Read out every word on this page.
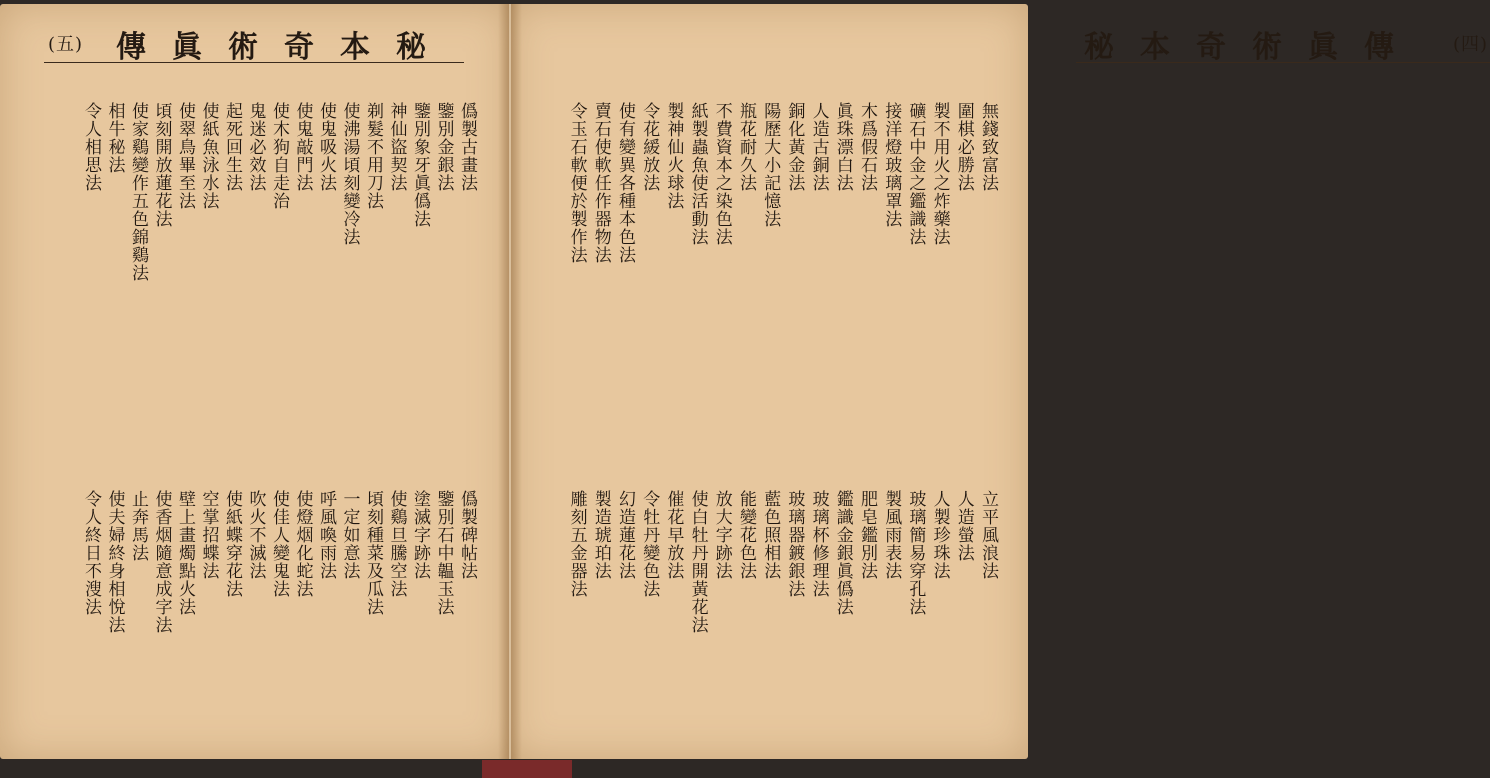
(五) 傳眞術奇本秘
僞製古畫法
鑒別金銀法
鑒別象牙眞僞法
神仙盜契法
剃髮不用刀法
使沸湯頃刻變冷法
使鬼吸火法
使鬼敲門法
使木狗自走治
鬼迷必效法
起死回生法
使紙魚泳水法
使翠鳥畢至法
頃刻開放蓮花法
使家鷄變作五色錦鷄法
相牛秘法
令人相思法
僞製碑帖法
鑒別石中韞玉法
塗滅字跡法
使鷄旦騰空法
頃刻種菜及瓜法
一定如意法
呼風喚雨法
使燈烟化蛇法
使佳人變鬼法
吹火不滅法
使紙蝶穿花法
空掌招蝶法
壁上畫燭點火法
使香烟隨意成字法
止奔馬法
使夫婦終身相悅法
令人終日不溲法
秘本奇術眞傳 (四)
無錢致富法
圍棋必勝法
製不用火之炸藥法
礦石中金之鑑識法
接洋燈玻璃罩法
木爲假石法
眞珠漂白法
人造古銅法
銅化黃金法
陽歷大小記憶法
瓶花耐久法
不費資本之染色法
紙製蟲魚使活動法
製神仙火球法
令花緩放法
使有變異各種本色法
賣石使軟任作器物法
令玉石軟便於製作法
立平風浪法
人造螢法
人製珍珠法
玻璃簡易穿孔法
製風雨表法
肥皂鑑別法
鑑識金銀眞僞法
玻璃杯修理法
玻璃器鍍銀法
藍色照相法
能變花色法
放大字跡法
使白牡丹開黃花法
催花早放法
令牡丹變色法
幻造蓮花法
製造琥珀法
雕刻五金器法
